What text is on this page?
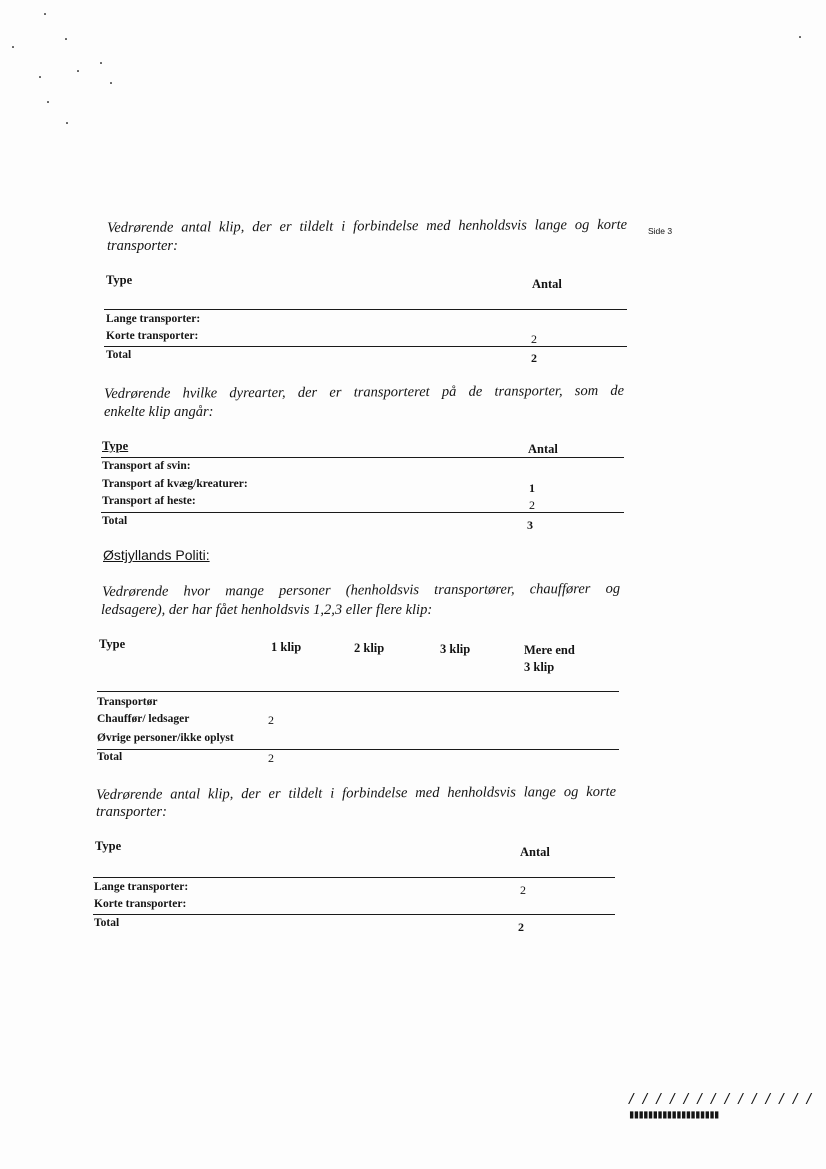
Vedrørende antal klip, der er tildelt i forbindelse med henholdsvis lange og korte
transporter:
Side 3
Type	Antal
Lange transporter:
Korte transporter:	2
Total	2
Vedrørende hvilke dyrearter, der er transporteret på de transporter, som de
enkelte klip angår:
Type	Antal
Transport af svin:
Transport af kvæg/kreaturer:	1
Transport af heste:	2
Total	3
Østjyllands Politi:
Vedrørende hvor mange personer (henholdsvis transportører, chauffører og
ledsagere), der har fået henholdsvis 1,2,3 eller flere klip:
Type	1 klip	2 klip	3 klip	Mere end
3 klip
Transportør
Chauffør/ ledsager	2
Øvrige personer/ikke oplyst
Total	2
Vedrørende antal klip, der er tildelt i forbindelse med henholdsvis lange og korte
transporter:
Type	Antal
Lange transporter:	2
Korte transporter:
Total	2
/ / / / / / / / / / / / / /
▮▮▮▮▮▮▮▮▮▮▮▮▮▮▮▮▮▮▮
